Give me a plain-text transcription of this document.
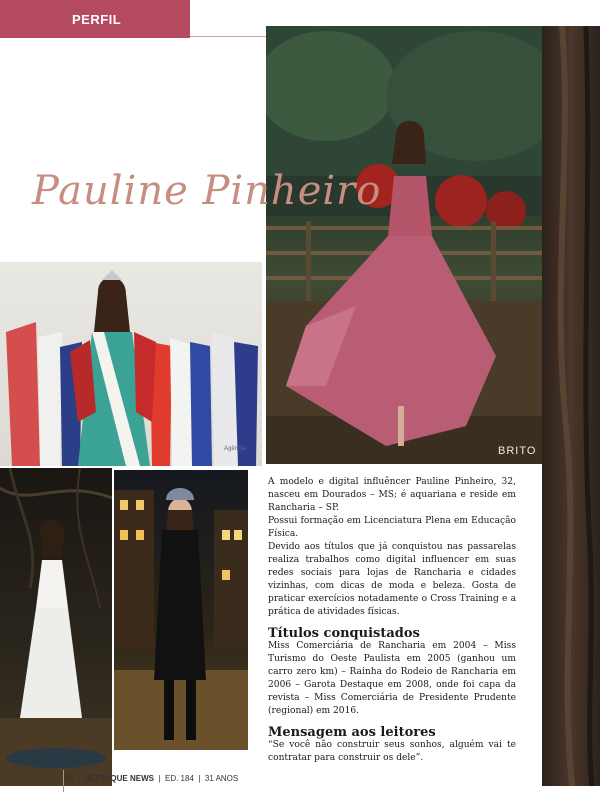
PERFIL
BRITO
Pauline Pinheiro
Agência

A modelo e digital influêncer Pauline Pinheiro, 32, nasceu em Dourados – MS; é aquariana e reside em Rancharia – SP.

Possui formação em Licenciatura Plena em Educação Física.

Devido aos títulos que já conquistou nas passarelas realiza trabalhos como digital influencer em suas redes sociais para lojas de Rancharia e cidades vizinhas, com dicas de moda e beleza. Gosta de praticar exercícios notadamente o Cross Training e a prática de atividades físicas.

Títulos conquistados

Miss Comerciária de Rancharia em 2004 – Miss Turismo do Oeste Paulista em 2005 (ganhou um carro zero km) – Rainha do Rodeio de Rancharia em 2006 – Garota Destaque em 2008, onde foi capa da revista – Miss Comerciária de Presidente Prudente (regional) em 2016.

Mensagem aos leitores

“Se você não construir seus sonhos, alguém vai te contratar para construir os dele”.

56  |  DESTAQUE NEWS  |  ED. 184  |  31 ANOS
